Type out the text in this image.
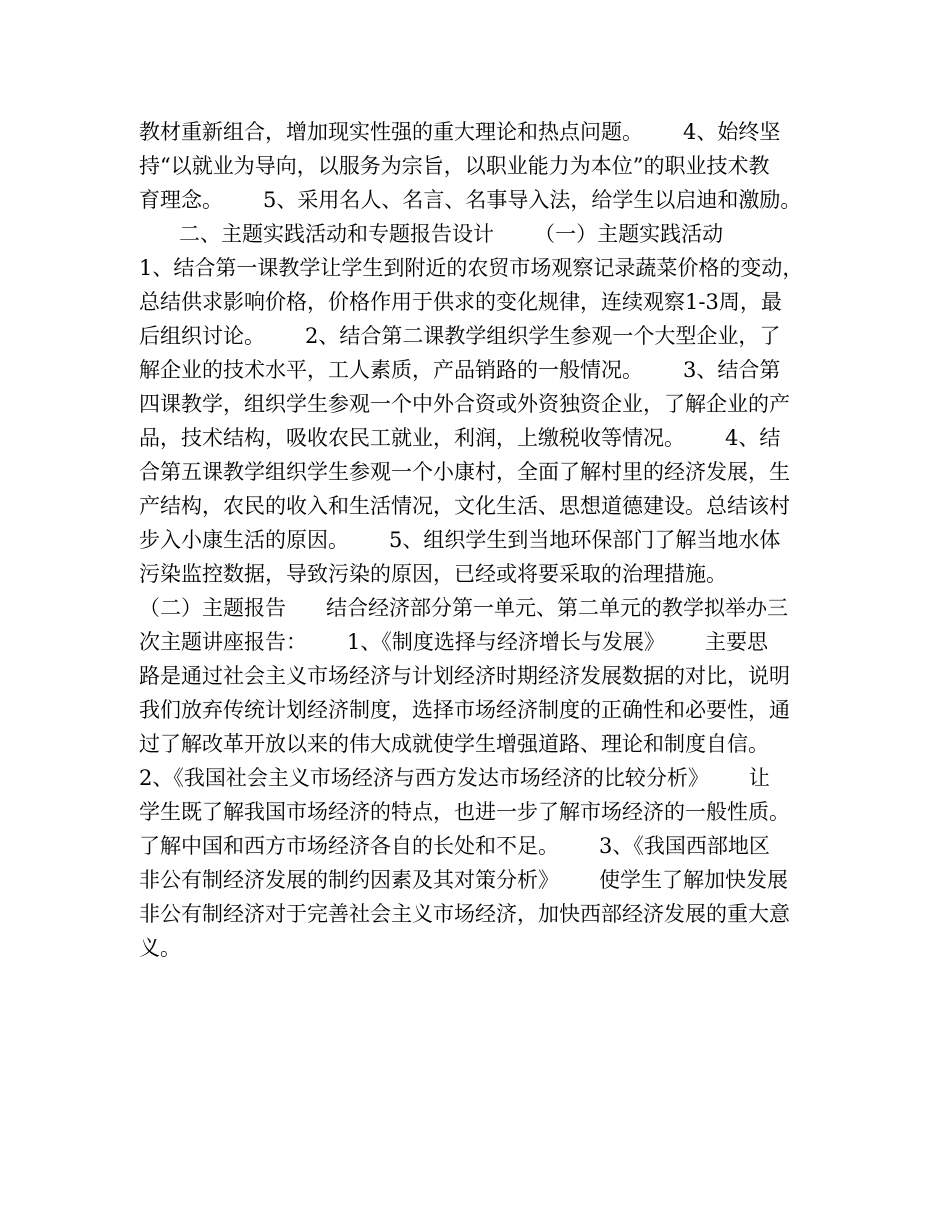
教材重新组合，增加现实性强的重大理论和热点问题。      4、始终坚
持“以就业为导向，以服务为宗旨，以职业能力为本位”的职业技术教
育理念。      5、采用名人、名言、名事导入法，给学生以启迪和激励。
二、主题实践活动和专题报告设计      （一）主题实践活动
1、结合第一课教学让学生到附近的农贸市场观察记录蔬菜价格的变动，
总结供求影响价格，价格作用于供求的变化规律，连续观察1-3周，最
后组织讨论。      2、结合第二课教学组织学生参观一个大型企业，了
解企业的技术水平，工人素质，产品销路的一般情况。      3、结合第
四课教学，组织学生参观一个中外合资或外资独资企业，了解企业的产
品，技术结构，吸收农民工就业，利润，上缴税收等情况。      4、结
合第五课教学组织学生参观一个小康村，全面了解村里的经济发展，生
产结构，农民的收入和生活情况，文化生活、思想道德建设。总结该村
步入小康生活的原因。      5、组织学生到当地环保部门了解当地水体
污染监控数据，导致污染的原因，已经或将要采取的治理措施。
（二）主题报告      结合经济部分第一单元、第二单元的教学拟举办三
次主题讲座报告：      1、《制度选择与经济增长与发展》      主要思
路是通过社会主义市场经济与计划经济时期经济发展数据的对比，说明
我们放弃传统计划经济制度，选择市场经济制度的正确性和必要性，通
过了解改革开放以来的伟大成就使学生增强道路、理论和制度自信。
2、《我国社会主义市场经济与西方发达市场经济的比较分析》      让
学生既了解我国市场经济的特点，也进一步了解市场经济的一般性质。
了解中国和西方市场经济各自的长处和不足。      3、《我国西部地区
非公有制经济发展的制约因素及其对策分析》      使学生了解加快发展
非公有制经济对于完善社会主义市场经济，加快西部经济发展的重大意
义。
